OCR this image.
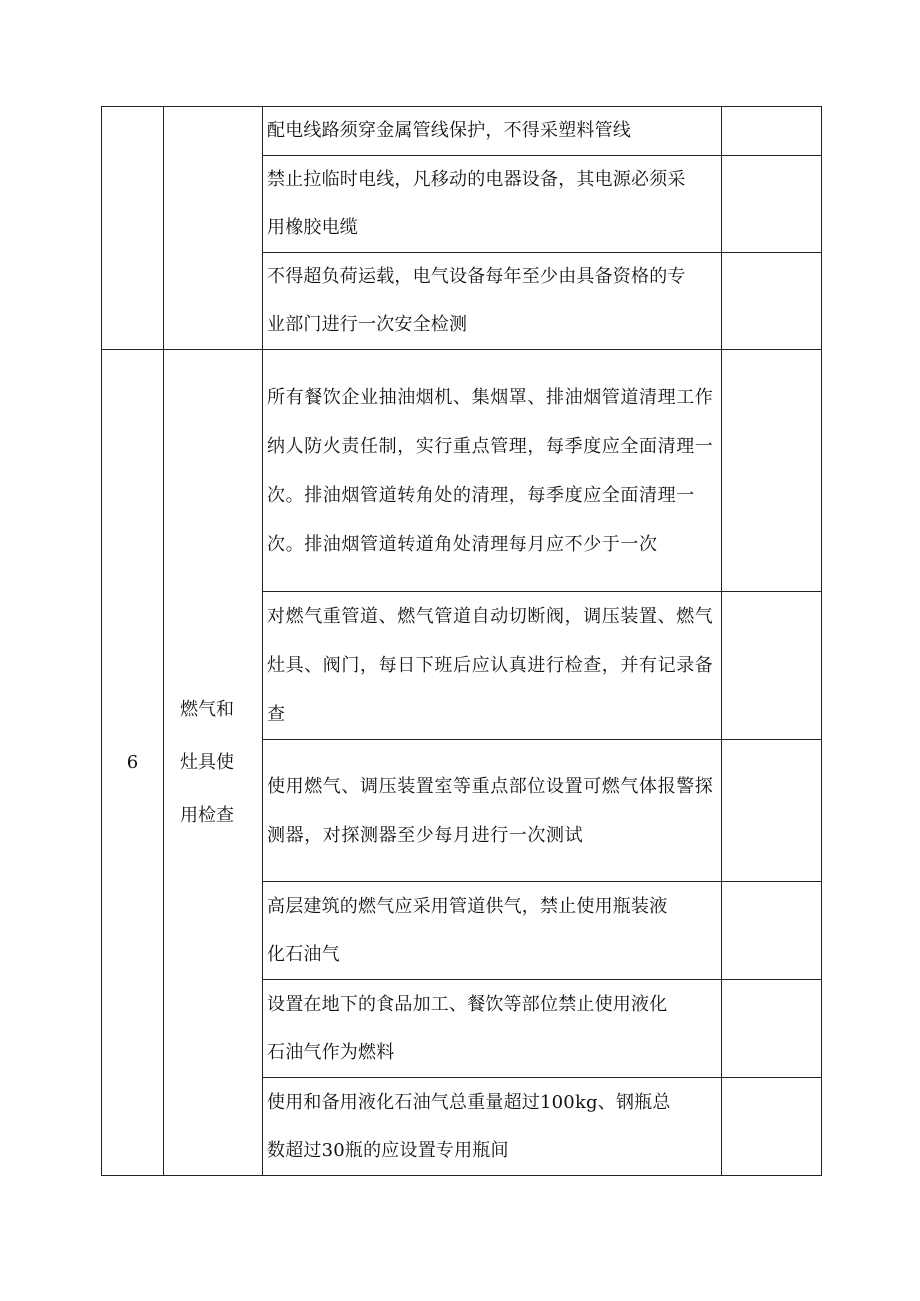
		配电线路须穿金属管线保护，不得采塑料管线	
		禁止拉临时电线，凡移动的电器设备，其电源必须采用橡胶电缆	
		不得超负荷运载，电气设备每年至少由具备资格的专业部门进行一次安全检测	
6	燃气和灶具使用检查	所有餐饮企业抽油烟机、集烟罩、排油烟管道清理工作纳人防火责任制，实行重点管理，每季度应全面清理一次。排油烟管道转角处的清理，每季度应全面清理一次。排油烟管道转道角处清理每月应不少于一次	
		对燃气重管道、燃气管道自动切断阀，调压装置、燃气灶具、阀门，每日下班后应认真进行检查，并有记录备查	
		使用燃气、调压装置室等重点部位设置可燃气体报警探测器，对探测器至少每月进行一次测试	
		高层建筑的燃气应采用管道供气，禁止使用瓶装液化石油气	
		设置在地下的食品加工、餐饮等部位禁止使用液化石油气作为燃料	
		使用和备用液化石油气总重量超过100kg、钢瓶总数超过30瓶的应设置专用瓶间	
